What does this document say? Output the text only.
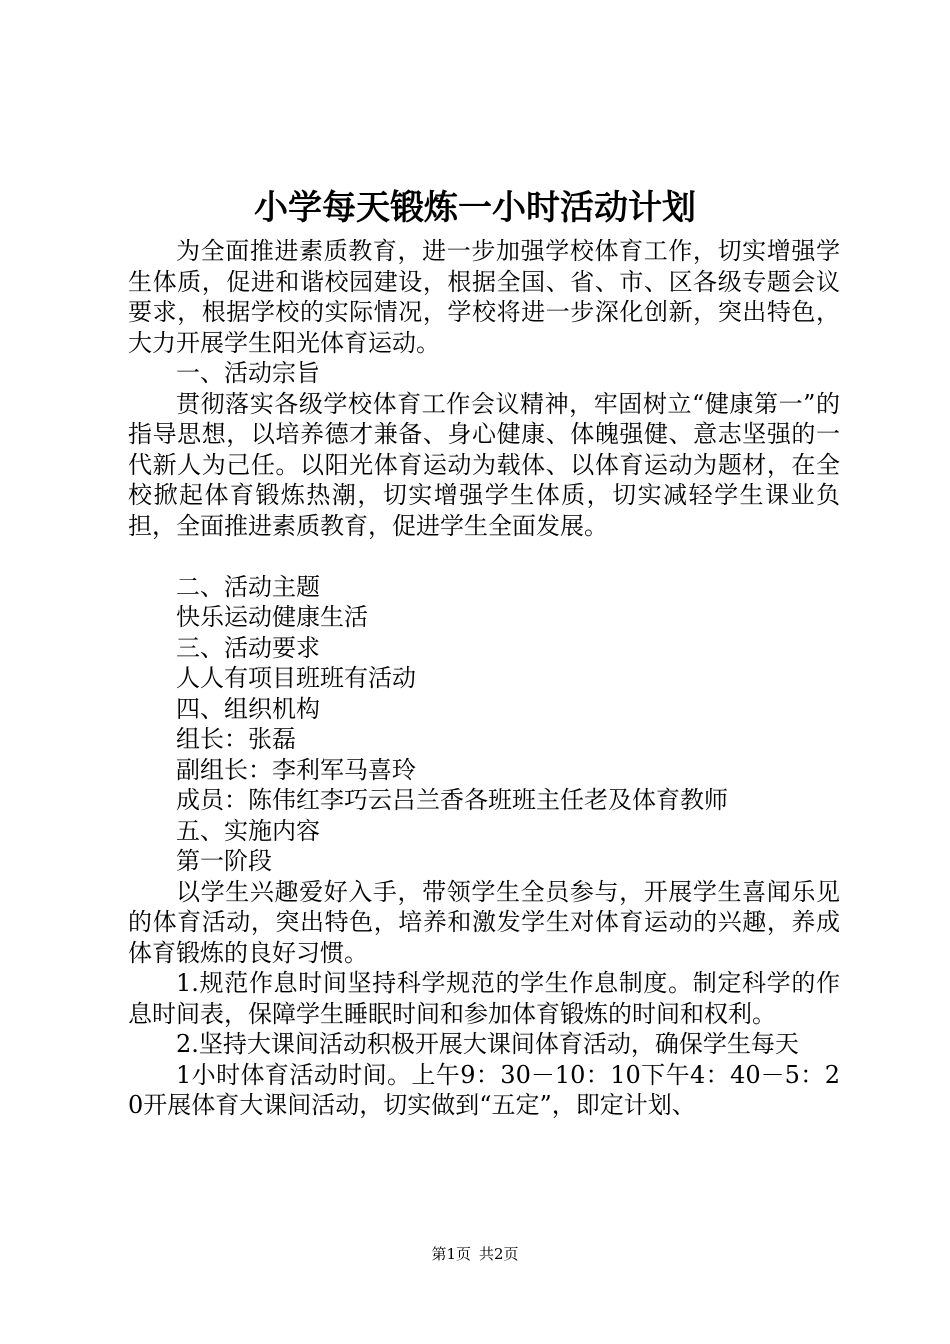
小学每天锻炼一小时活动计划

为全面推进素质教育，进一步加强学校体育工作，切实增强学生体质，促进和谐校园建设，根据全国、省、市、区各级专题会议要求，根据学校的实际情况，学校将进一步深化创新，突出特色，大力开展学生阳光体育运动。

一、活动宗旨

贯彻落实各级学校体育工作会议精神，牢固树立“健康第一”的指导思想，以培养德才兼备、身心健康、体魄强健、意志坚强的一代新人为己任。以阳光体育运动为载体、以体育运动为题材，在全校掀起体育锻炼热潮，切实增强学生体质，切实减轻学生课业负担，全面推进素质教育，促进学生全面发展。

二、活动主题

快乐运动健康生活

三、活动要求

人人有项目班班有活动

四、组织机构

组长：张磊

副组长：李利军马喜玲

成员：陈伟红李巧云吕兰香各班班主任老及体育教师

五、实施内容

第一阶段

以学生兴趣爱好入手，带领学生全员参与，开展学生喜闻乐见的体育活动，突出特色，培养和激发学生对体育运动的兴趣，养成体育锻炼的良好习惯。

1.规范作息时间坚持科学规范的学生作息制度。制定科学的作息时间表，保障学生睡眠时间和参加体育锻炼的时间和权利。

2.坚持大课间活动积极开展大课间体育活动，确保学生每天

1小时体育活动时间。上午9：30－10：10下午4：40－5：20开展体育大课间活动，切实做到“五定”，即定计划、

第1页 共2页
